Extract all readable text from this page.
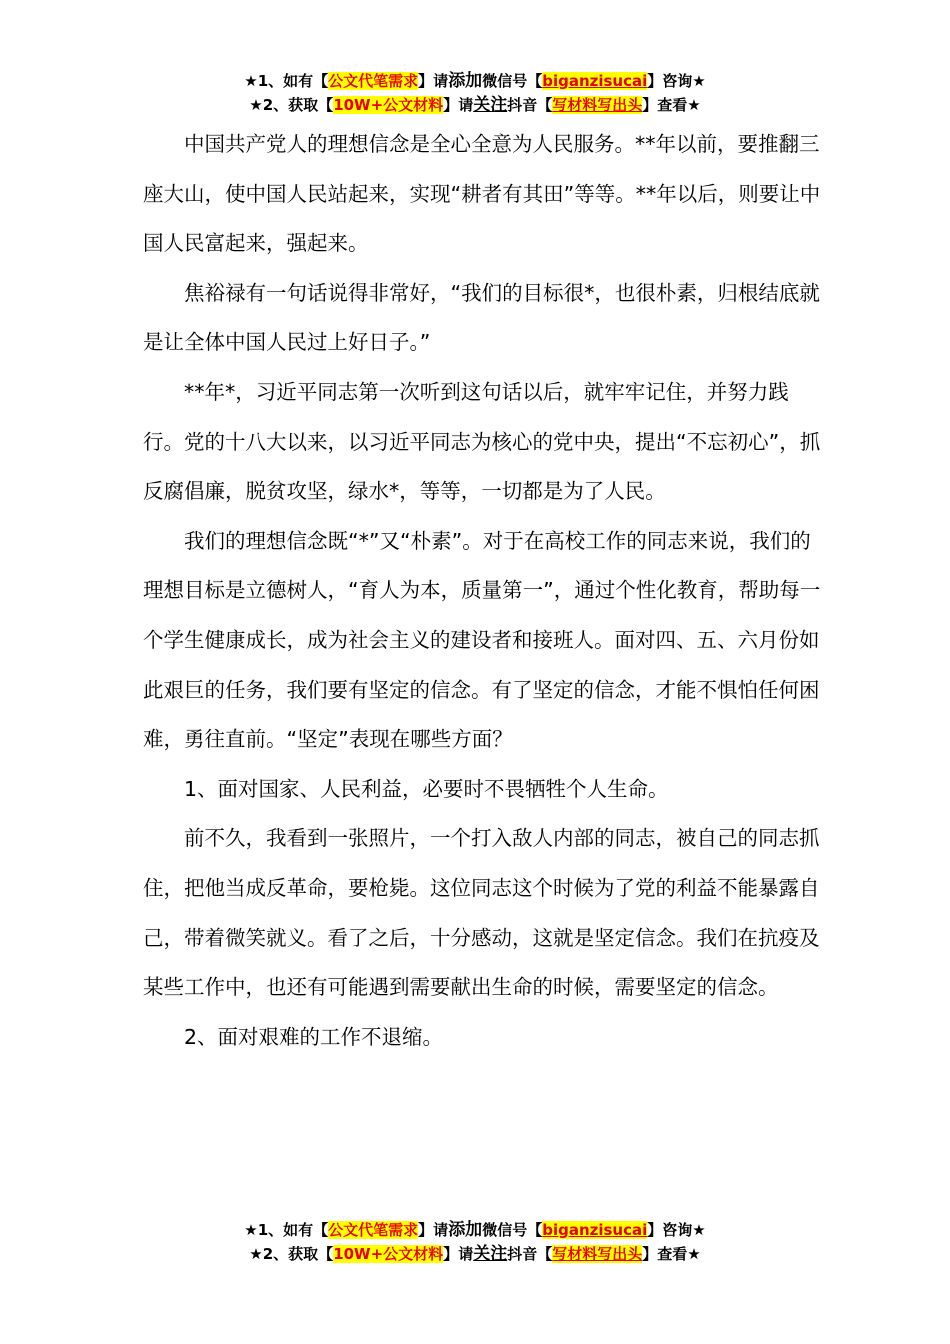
★1、如有【公文代笔需求】请添加微信号【biganzisucai】咨询★
★2、获取【10W+公文材料】请关注抖音【写材料写出头】查看★

中国共产党人的理想信念是全心全意为人民服务。**年以前，要推翻三座大山，使中国人民站起来，实现“耕者有其田”等等。**年以后，则要让中国人民富起来，强起来。

焦裕禄有一句话说得非常好，“我们的目标很*，也很朴素，归根结底就是让全体中国人民过上好日子。”

**年*，习近平同志第一次听到这句话以后，就牢牢记住，并努力践行。党的十八大以来，以习近平同志为核心的党中央，提出“不忘初心”，抓反腐倡廉，脱贫攻坚，绿水*，等等，一切都是为了人民。

我们的理想信念既“*”又“朴素”。对于在高校工作的同志来说，我们的理想目标是立德树人，“育人为本，质量第一”，通过个性化教育，帮助每一个学生健康成长，成为社会主义的建设者和接班人。面对四、五、六月份如此艰巨的任务，我们要有坚定的信念。有了坚定的信念，才能不惧怕任何困难，勇往直前。“坚定”表现在哪些方面？

1、面对国家、人民利益，必要时不畏牺牲个人生命。

前不久，我看到一张照片，一个打入敌人内部的同志，被自己的同志抓住，把他当成反革命，要枪毙。这位同志这个时候为了党的利益不能暴露自己，带着微笑就义。看了之后，十分感动，这就是坚定信念。我们在抗疫及某些工作中，也还有可能遇到需要献出生命的时候，需要坚定的信念。

2、面对艰难的工作不退缩。

★1、如有【公文代笔需求】请添加微信号【biganzisucai】咨询★
★2、获取【10W+公文材料】请关注抖音【写材料写出头】查看★
